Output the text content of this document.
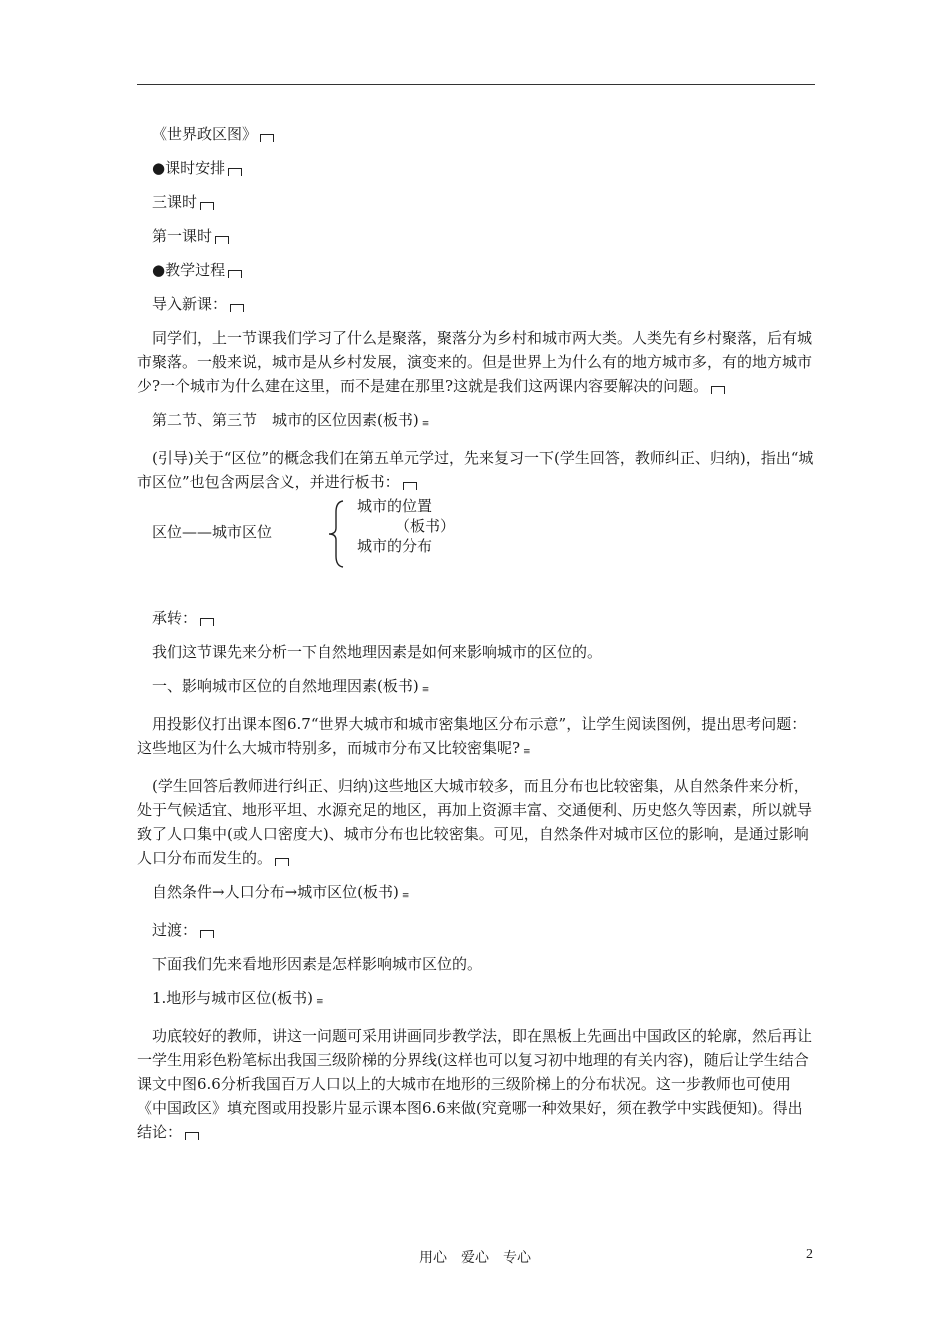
《世界政区图》

●课时安排

三课时

第一课时

●教学过程

导入新课：

同学们，上一节课我们学习了什么是聚落，聚落分为乡村和城市两大类。人类先有乡村聚落，后有城市聚落。一般来说，城市是从乡村发展，演变来的。但是世界上为什么有的地方城市多，有的地方城市少?一个城市为什么建在这里，而不是建在那里?这就是我们这两课内容要解决的问题。

第二节、第三节　城市的区位因素(板书) ≡

(引导)关于“区位”的概念我们在第五单元学过，先来复习一下(学生回答，教师纠正、归纳)，指出“城市区位”也包含两层含义，并进行板书：

区位——城市区位
城市的位置
（板书）
城市的分布

承转：

我们这节课先来分析一下自然地理因素是如何来影响城市的区位的。

一、影响城市区位的自然地理因素(板书) ≡

用投影仪打出课本图6.7“世界大城市和城市密集地区分布示意”，让学生阅读图例，提出思考问题：这些地区为什么大城市特别多，而城市分布又比较密集呢? ≡

(学生回答后教师进行纠正、归纳)这些地区大城市较多，而且分布也比较密集，从自然条件来分析，处于气候适宜、地形平坦、水源充足的地区，再加上资源丰富、交通便利、历史悠久等因素，所以就导致了人口集中(或人口密度大)、城市分布也比较密集。可见，自然条件对城市区位的影响，是通过影响人口分布而发生的。

自然条件→人口分布→城市区位(板书) ≡

过渡：

下面我们先来看地形因素是怎样影响城市区位的。

1.地形与城市区位(板书) ≡

功底较好的教师，讲这一问题可采用讲画同步教学法，即在黑板上先画出中国政区的轮廓，然后再让一学生用彩色粉笔标出我国三级阶梯的分界线(这样也可以复习初中地理的有关内容)，随后让学生结合课文中图6.6分析我国百万人口以上的大城市在地形的三级阶梯上的分布状况。这一步教师也可使用《中国政区》填充图或用投影片显示课本图6.6来做(究竟哪一种效果好，须在教学中实践便知)。得出结论：

用心　爱心　专心	2
